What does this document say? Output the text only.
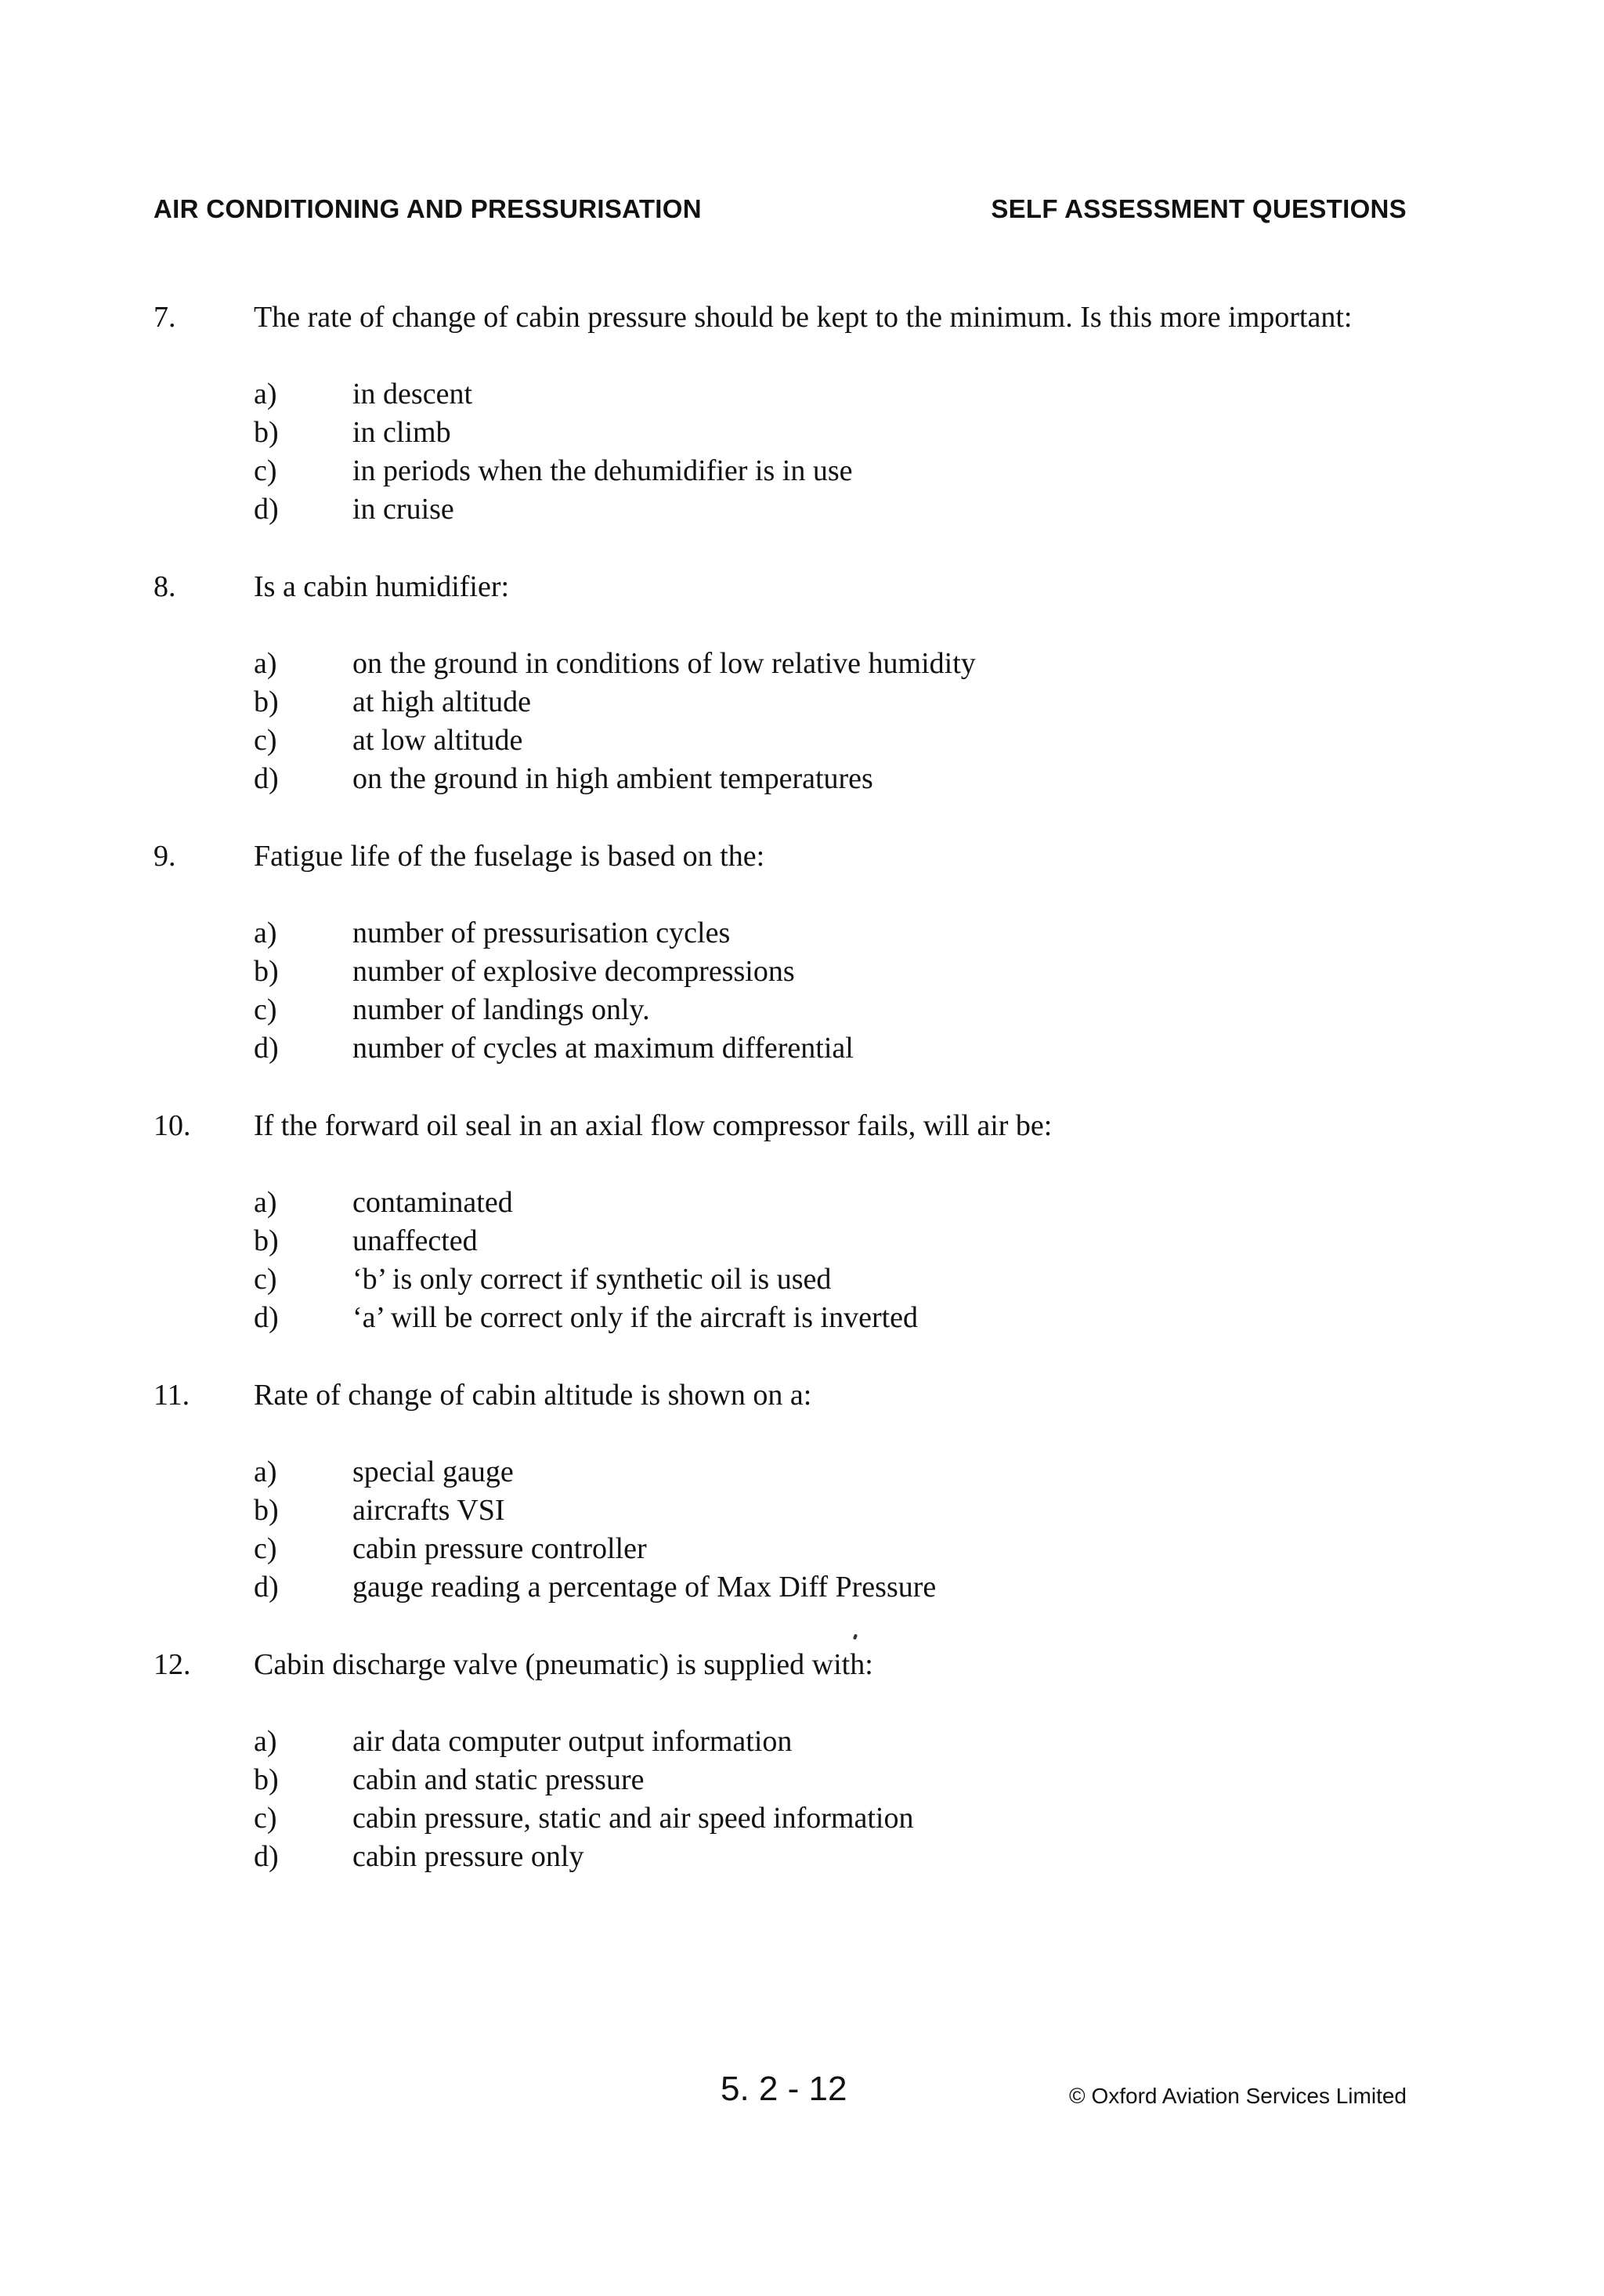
AIR CONDITIONING AND PRESSURISATION	SELF ASSESSMENT QUESTIONS
7.	The rate of change of cabin pressure should be kept to the minimum. Is this more important:
a)	in descent
b) in climb
c)	in periods when the dehumidifier is in use
d) in cruise
8.	Is a cabin humidifier:
a)	on the ground in conditions of low relative humidity
b) at high altitude
c)	at low altitude
d) on the ground in high ambient temperatures
9.	Fatigue life of the fuselage is based on the:
a)	number of pressurisation cycles
b) number of explosive decompressions
c)	number of landings only.
d) number of cycles at maximum differential
10. If the forward oil seal in an axial flow compressor fails, will air be:
a)	contaminated
b) unaffected
c)	‘b’ is only correct if synthetic oil is used
d) ‘a’ will be correct only if the aircraft is inverted
11. Rate of change of cabin altitude is shown on a:
a)	special gauge
b) aircrafts VSI
c)	cabin pressure controller
d) gauge reading a percentage of Max Diff Pressure
12. Cabin discharge valve (pneumatic) is supplied with:
a)	air data computer output information
b) cabin and static pressure
c)	cabin pressure, static and air speed information
d) cabin pressure only
5. 2 - 12	© Oxford Aviation Services Limited
